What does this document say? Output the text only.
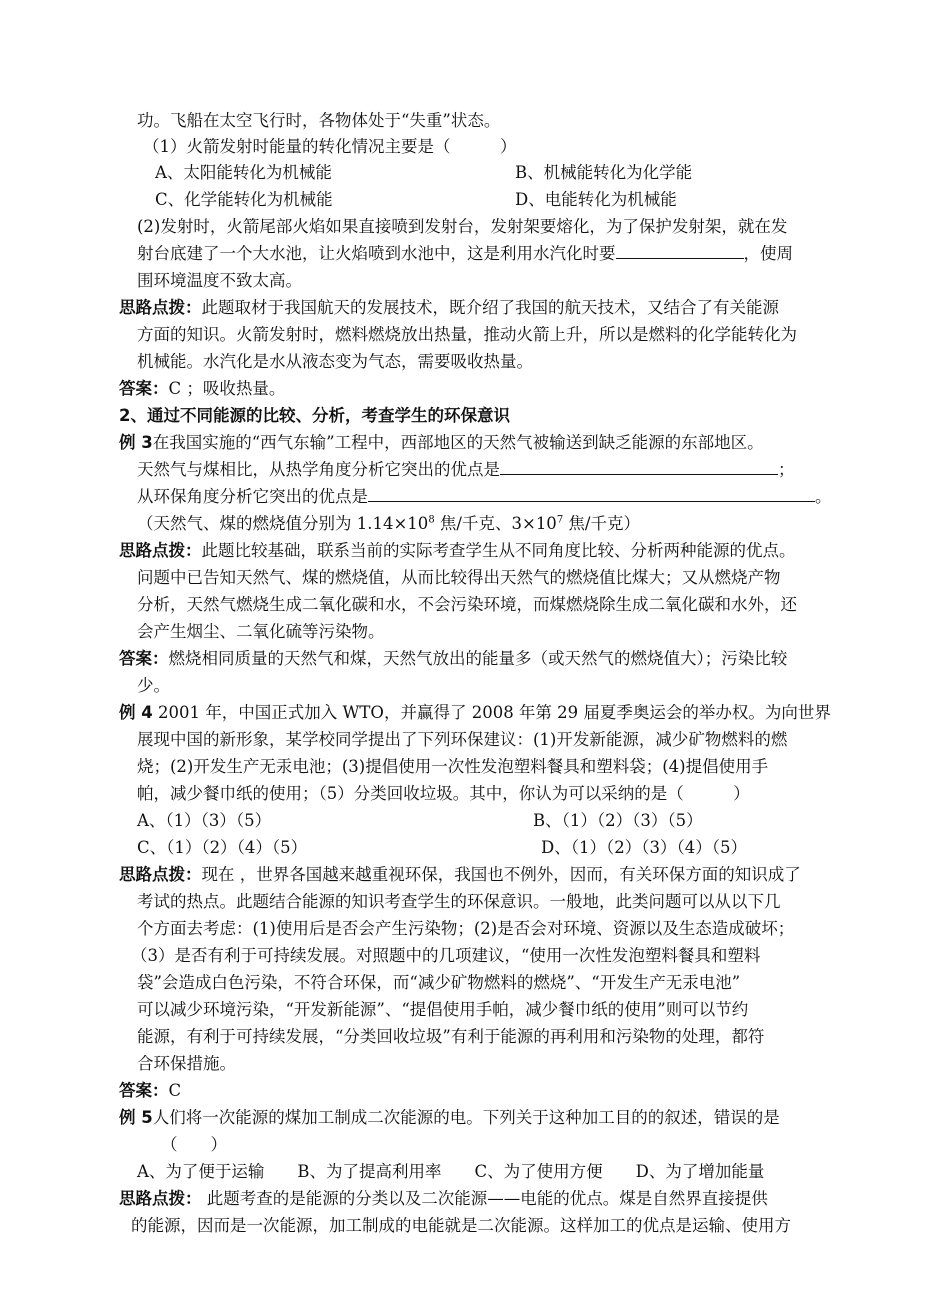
功。飞船在太空飞行时，各物体处于“失重”状态。
（1）火箭发射时能量的转化情况主要是（　　　）
A、太阳能转化为机械能	B、机械能转化为化学能
C、化学能转化为机械能	D、电能转化为机械能
(2)发射时，火箭尾部火焰如果直接喷到发射台，发射架要熔化，为了保护发射架，就在发
射台底建了一个大水池，让火焰喷到水池中，这是利用水汽化时要	，使周
围环境温度不致太高。
思路点拨：此题取材于我国航天的发展技术，既介绍了我国的航天技术，又结合了有关能源
方面的知识。火箭发射时，燃料燃烧放出热量，推动火箭上升，所以是燃料的化学能转化为
机械能。水汽化是水从液态变为气态，需要吸收热量。
答案：C ；吸收热量。
2、通过不同能源的比较、分析，考查学生的环保意识
例 3在我国实施的“西气东输”工程中，西部地区的天然气被输送到缺乏能源的东部地区。
天然气与煤相比，从热学角度分析它突出的优点是	；
从环保角度分析它突出的优点是	。
（天然气、煤的燃烧值分别为 $1.14\times 10^8$ 焦/千克、$3\times 10^7$ 焦/千克）
思路点拨：此题比较基础，联系当前的实际考查学生从不同角度比较、分析两种能源的优点。
问题中已告知天然气、煤的燃烧值，从而比较得出天然气的燃烧值比煤大；又从燃烧产物
分析，天然气燃烧生成二氧化碳和水，不会污染环境，而煤燃烧除生成二氧化碳和水外，还
会产生烟尘、二氧化硫等污染物。
答案：燃烧相同质量的天然气和煤，天然气放出的能量多（或天然气的燃烧值大）；污染比较
少。
例 4 2001 年，中国正式加入 WTO，并赢得了 2008 年第 29 届夏季奥运会的举办权。为向世界
展现中国的新形象，某学校同学提出了下列环保建议：(1)开发新能源，减少矿物燃料的燃
烧；(2)开发生产无汞电池；(3)提倡使用一次性发泡塑料餐具和塑料袋；(4)提倡使用手
帕，减少餐巾纸的使用；（5）分类回收垃圾。其中，你认为可以采纳的是（　　　）
A、（1）（3）（5）	B、（1）（2）（3）（5）
C、（1）（2）（4）（5）	D、（1）（2）（3）（4）（5）
思路点拨：现在 ，世界各国越来越重视环保，我国也不例外，因而，有关环保方面的知识成了
考试的热点。此题结合能源的知识考查学生的环保意识。一般地，此类问题可以从以下几
个方面去考虑：(1)使用后是否会产生污染物；(2)是否会对环境、资源以及生态造成破坏；
（3）是否有利于可持续发展。对照题中的几项建议，“使用一次性发泡塑料餐具和塑料
袋”会造成白色污染，不符合环保，而“减少矿物燃料的燃烧”、“开发生产无汞电池”
可以减少环境污染，“开发新能源”、“提倡使用手帕，减少餐巾纸的使用”则可以节约
能源，有利于可持续发展，“分类回收垃圾”有利于能源的再利用和污染物的处理，都符
合环保措施。
答案：C
例 5人们将一次能源的煤加工制成二次能源的电。下列关于这种加工目的的叙述，错误的是
（　　）
A、为了便于运输　　B、为了提高利用率　　C、为了使用方便　　D、为了增加能量
思路点拨： 此题考查的是能源的分类以及二次能源——电能的优点。煤是自然界直接提供
的能源，因而是一次能源，加工制成的电能就是二次能源。这样加工的优点是运输、使用方
